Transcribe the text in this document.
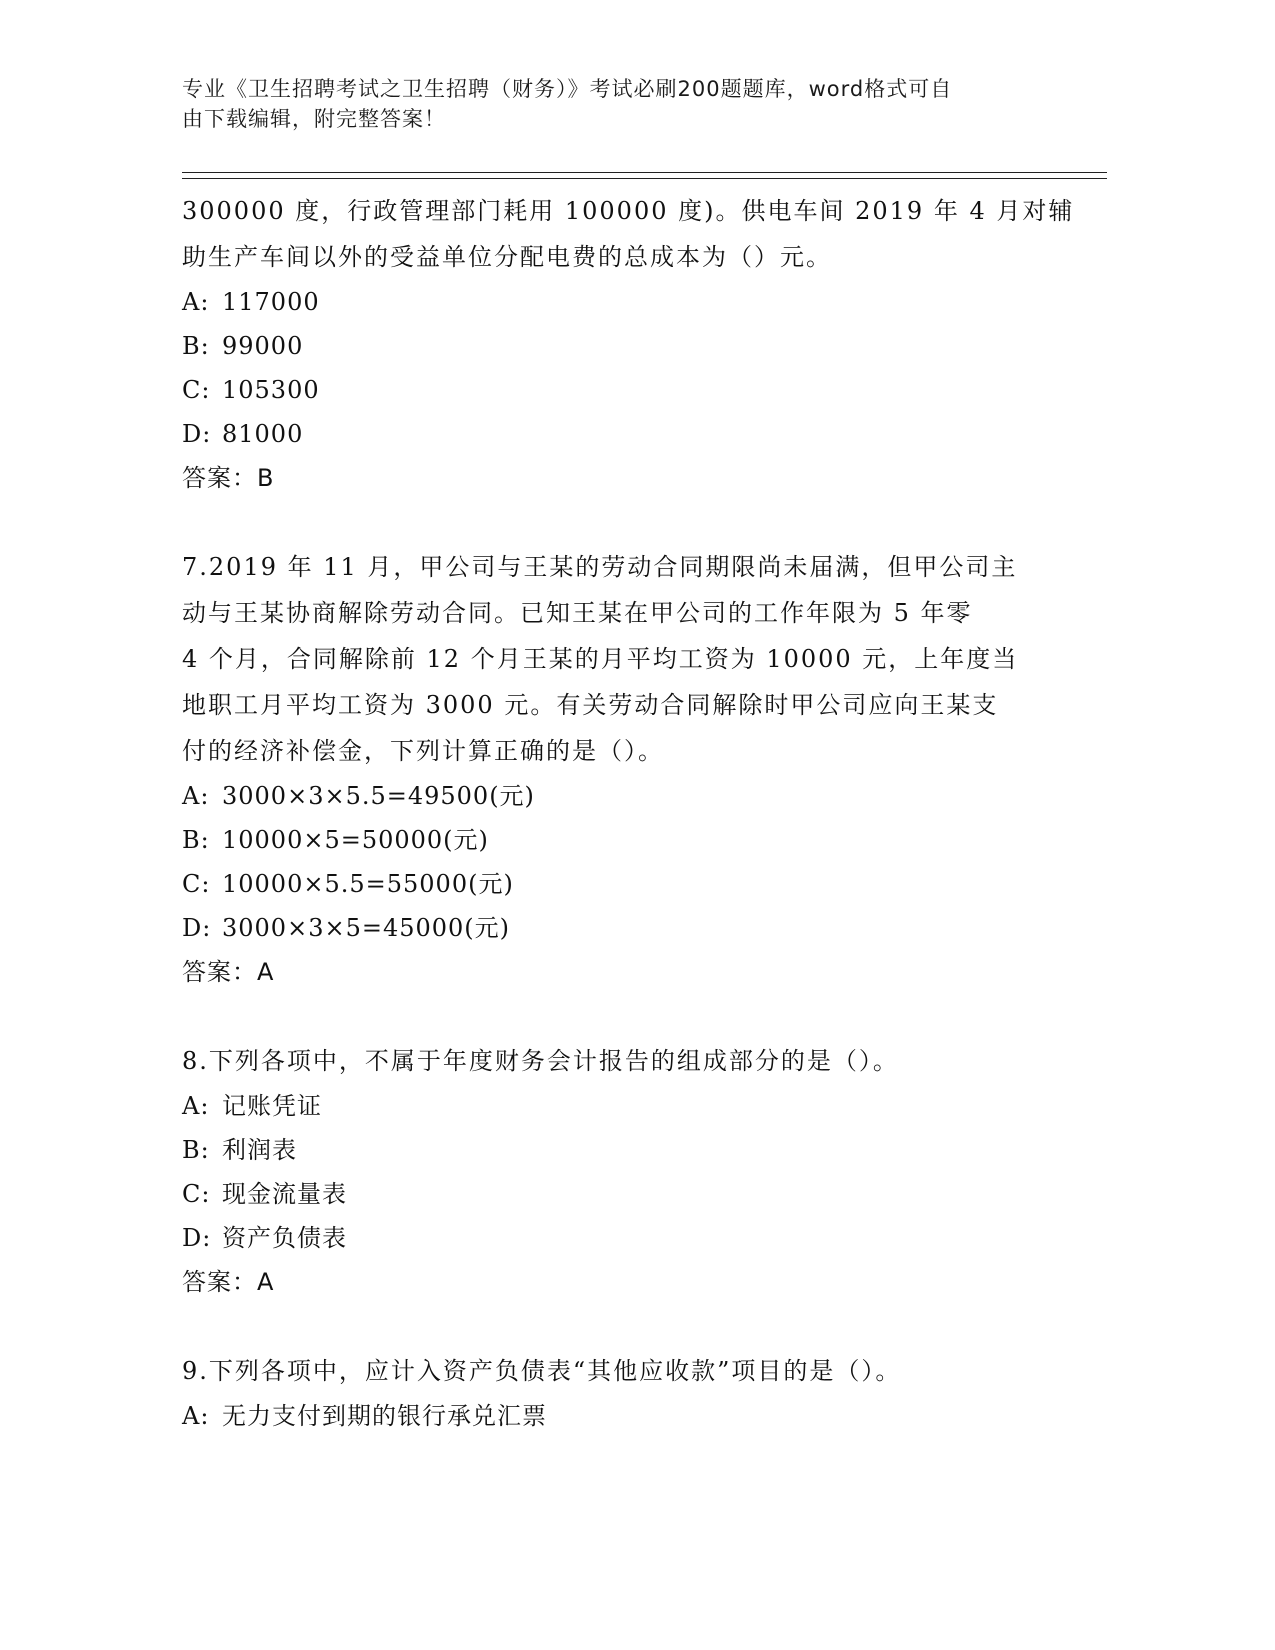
专业《卫生招聘考试之卫生招聘（财务）》考试必刷200题题库，word格式可自
由下载编辑，附完整答案！
300000 度，行政管理部门耗用 100000 度)。供电车间 2019 年 4 月对辅
助生产车间以外的受益单位分配电费的总成本为（）元。
A: 117000
B: 99000
C: 105300
D: 81000
答案：B
7.2019 年 11 月，甲公司与王某的劳动合同期限尚未届满，但甲公司主
动与王某协商解除劳动合同。已知王某在甲公司的工作年限为 5 年零
4 个月，合同解除前 12 个月王某的月平均工资为 10000 元，上年度当
地职工月平均工资为 3000 元。有关劳动合同解除时甲公司应向王某支
付的经济补偿金，下列计算正确的是（）。
A: 3000×3×5.5=49500(元)
B: 10000×5=50000(元)
C: 10000×5.5=55000(元)
D: 3000×3×5=45000(元)
答案：A
8.下列各项中，不属于年度财务会计报告的组成部分的是（）。
A: 记账凭证
B: 利润表
C: 现金流量表
D: 资产负债表
答案：A
9.下列各项中，应计入资产负债表“其他应收款”项目的是（）。
A: 无力支付到期的银行承兑汇票
